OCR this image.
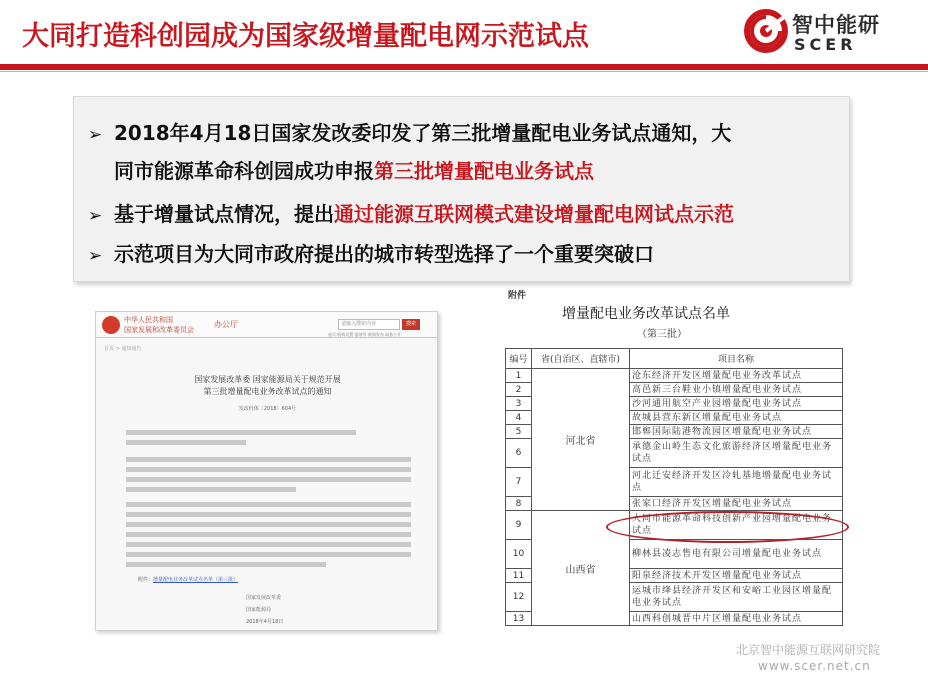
大同打造科创园成为国家级增量配电网示范试点	智中能研
SCER
➢ 2018年4月18日国家发改委印发了第三批增量配电业务试点通知，大
同市能源革命科创园成功申报第三批增量配电业务试点
➢ 基于增量试点情况，提出通过能源互联网模式建设增量配电网试点示范
➢ 示范项目为大同市政府提出的城市转型选择了一个重要突破口
中华人民共和国
国家发展和改革委员会
办公厅	请输入搜索内容	搜索
首页 机构设置 委领导 新闻发布 政务公开
首页 > 通知通告
国家发展改革委 国家能源局关于规范开展
第三批增量配电业务改革试点的通知
发改经体〔2018〕604号
附件：增量配电业务改革试点名单（第三批）
国家发展改革委
国家能源局
2018年4月18日
附件
增量配电业务改革试点名单
（第三批）
编号	省(自治区、直辖市)	项目名称
1	河北省	沧东经济开发区增量配电业务改革试点
2		高邑新三台鞋业小镇增量配电业务试点
3		沙河通用航空产业园增量配电业务试点
4		故城县营东新区增量配电业务试点
5		邯郸国际陆港物流园区增量配电业务试点
6		承德金山岭生态文化旅游经济区增量配电业务试点
7		河北迁安经济开发区冷轧基地增量配电业务试点
8		张家口经济开发区增量配电业务试点
9	山西省	大同市能源革命科技创新产业园增量配电业务试点
10		柳林县凌志售电有限公司增量配电业务试点
11		阳泉经济技术开发区增量配电业务试点
12		运城市绛县经济开发区和安峪工业园区增量配电业务试点
13		山西科创城晋中片区增量配电业务试点
北京智中能源互联网研究院
www.scer.net.cn
